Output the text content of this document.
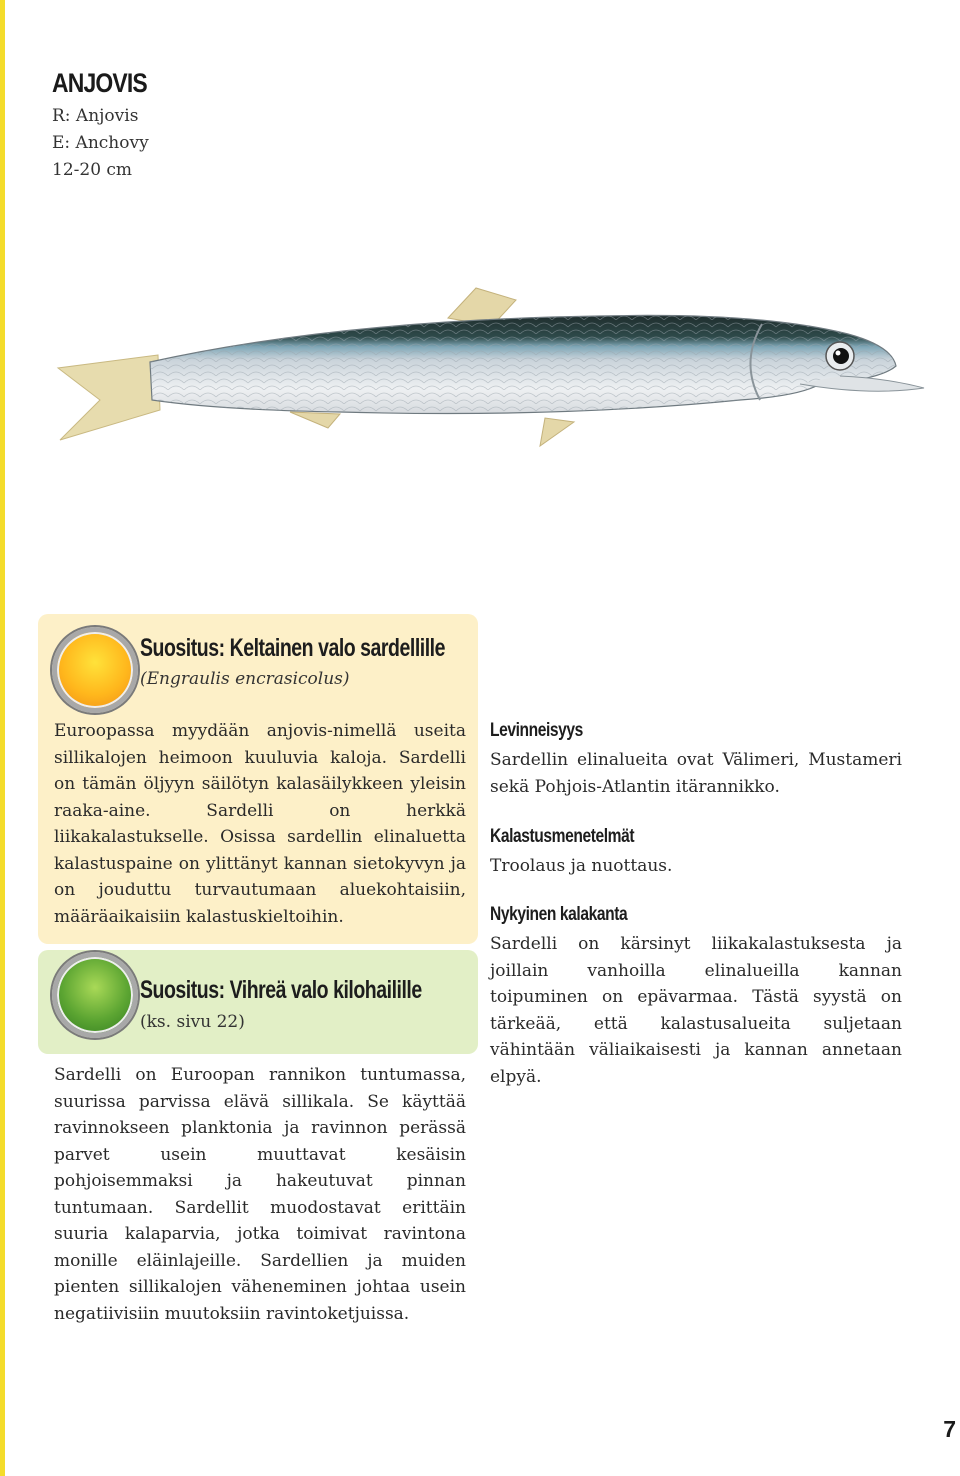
ANJOVIS

R: Anjovis

E: Anchovy

12-20 cm

Suositus: Keltainen valo sardellille

(Engraulis encrasicolus)

Euroopassa myydään anjovis-nimellä useita sillikalojen heimoon kuuluvia kaloja. Sardelli on tämän öljyyn säilötyn kalasäilykkeen yleisin raaka-aine. Sardelli on herkkä liikakalastukselle. Osissa sardellin elinaluetta kalastuspaine on ylittänyt kannan sietokyvyn ja on jouduttu turvautumaan aluekohtaisiin, määräaikaisiin kalastuskieltoihin.

Suositus: Vihreä valo kilohailille

(ks. sivu 22)

Sardelli on Euroopan rannikon tuntumassa, suurissa parvissa elävä sillikala. Se käyttää ravinnokseen planktonia ja ravinnon perässä parvet usein muuttavat kesäisin pohjoisemmaksi ja hakeutuvat pinnan tuntumaan. Sardellit muodostavat erittäin suuria kalaparvia, jotka toimivat ravintona monille eläinlajeille. Sardellien ja muiden pienten sillikalojen väheneminen johtaa usein negatiivisiin muutoksiin ravintoketjuissa.

Levinneisyys

Sardellin elinalueita ovat Välimeri, Mustameri sekä Pohjois-Atlantin itärannikko.

Kalastusmenetelmät

Troolaus ja nuottaus.

Nykyinen kalakanta

Sardelli on kärsinyt liikakalastuksesta ja joillain vanhoilla elinalueilla kannan toipuminen on epävarmaa. Tästä syystä on tärkeää, että kalastusalueita suljetaan vähintään väliaikaisesti ja kannan annetaan elpyä.

7
